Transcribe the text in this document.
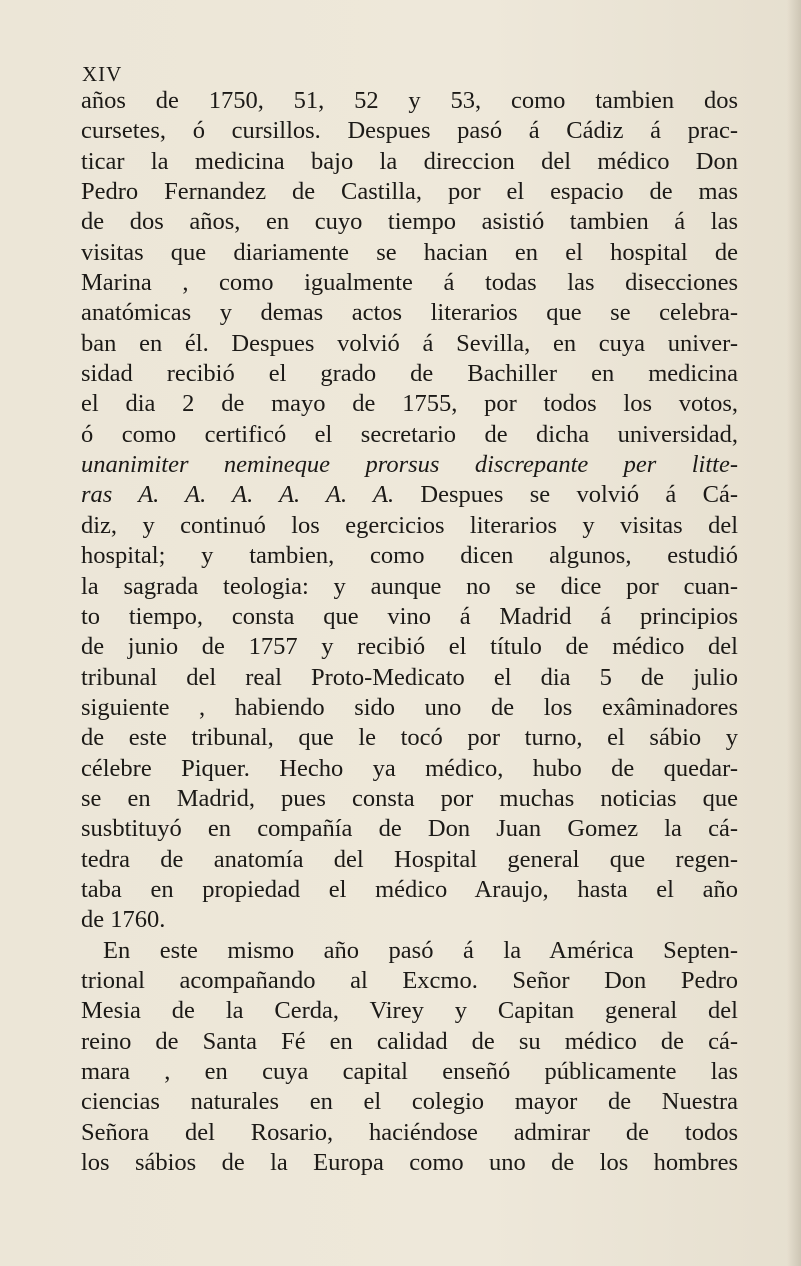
XIV

años de 1750, 51, 52 y 53, como tambien dos
cursetes, ó cursillos. Despues pasó á Cádiz á prac-
ticar la medicina bajo la direccion del médico Don
Pedro Fernandez de Castilla, por el espacio de mas
de dos años, en cuyo tiempo asistió tambien á las
visitas que diariamente se hacian en el hospital de
Marina , como igualmente á todas las disecciones
anatómicas y demas actos literarios que se celebra-
ban en él. Despues volvió á Sevilla, en cuya univer-
sidad recibió el grado de Bachiller en medicina
el dia 2 de mayo de 1755, por todos los votos,
ó como certificó el secretario de dicha universidad,
unanimiter nemineque prorsus discrepante per litte-
ras A. A. A. A. A. A. Despues se volvió á Cá-
diz, y continuó los egercicios literarios y visitas del
hospital; y tambien, como dicen algunos, estudió
la sagrada teologia: y aunque no se dice por cuan-
to tiempo, consta que vino á Madrid á principios
de junio de 1757 y recibió el título de médico del
tribunal del real Proto-Medicato el dia 5 de julio
siguiente , habiendo sido uno de los exâminadores
de este tribunal, que le tocó por turno, el sábio y
célebre Piquer. Hecho ya médico, hubo de quedar-
se en Madrid, pues consta por muchas noticias que
susbtituyó en compañía de Don Juan Gomez la cá-
tedra de anatomía del Hospital general que regen-
taba en propiedad el médico Araujo, hasta el año
de 1760.
En este mismo año pasó á la América Septen-
trional acompañando al Excmo. Señor Don Pedro
Mesia de la Cerda, Virey y Capitan general del
reino de Santa Fé en calidad de su médico de cá-
mara , en cuya capital enseñó públicamente las
ciencias naturales en el colegio mayor de Nuestra
Señora del Rosario, haciéndose admirar de todos
los sábios de la Europa como uno de los hombres
